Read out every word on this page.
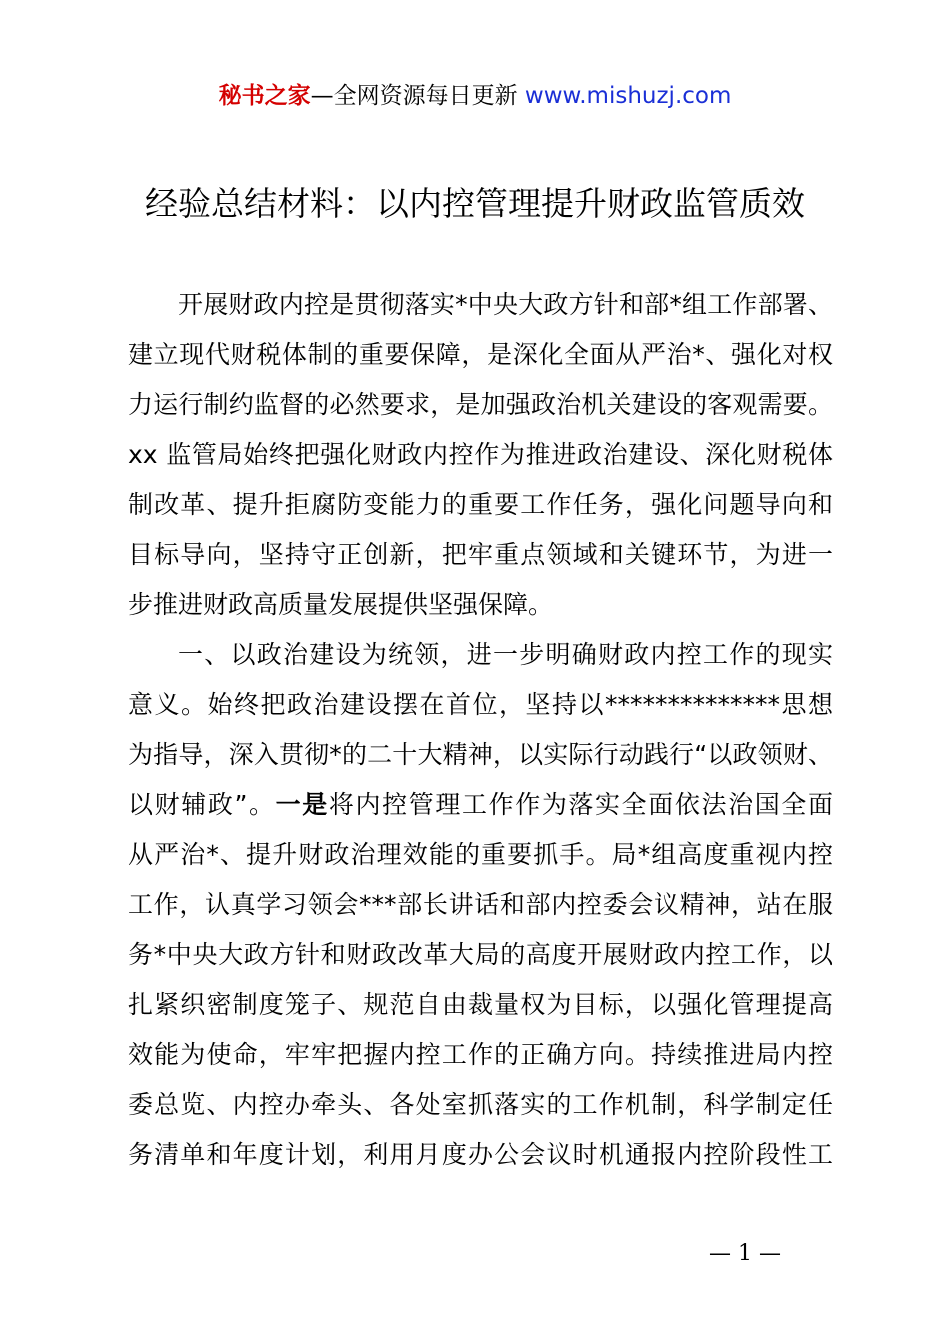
秘书之家—全网资源每日更新 www.mishuzj.com
经验总结材料：以内控管理提升财政监管质效
开展财政内控是贯彻落实*中央大政方针和部*组工作部署、
建立现代财税体制的重要保障，是深化全面从严治*、强化对权
力运行制约监督的必然要求，是加强政治机关建设的客观需要。
xx 监管局始终把强化财政内控作为推进政治建设、深化财税体
制改革、提升拒腐防变能力的重要工作任务，强化问题导向和
目标导向，坚持守正创新，把牢重点领域和关键环节，为进一
步推进财政高质量发展提供坚强保障。
一、以政治建设为统领，进一步明确财政内控工作的现实
意义。始终把政治建设摆在首位，坚持以**************思想
为指导，深入贯彻*的二十大精神，以实际行动践行“以政领财、
以财辅政”。一是将内控管理工作作为落实全面依法治国全面
从严治*、提升财政治理效能的重要抓手。局*组高度重视内控
工作，认真学习领会***部长讲话和部内控委会议精神，站在服
务*中央大政方针和财政改革大局的高度开展财政内控工作，以
扎紧织密制度笼子、规范自由裁量权为目标，以强化管理提高
效能为使命，牢牢把握内控工作的正确方向。持续推进局内控
委总览、内控办牵头、各处室抓落实的工作机制，科学制定任
务清单和年度计划，利用月度办公会议时机通报内控阶段性工
— 1 —
